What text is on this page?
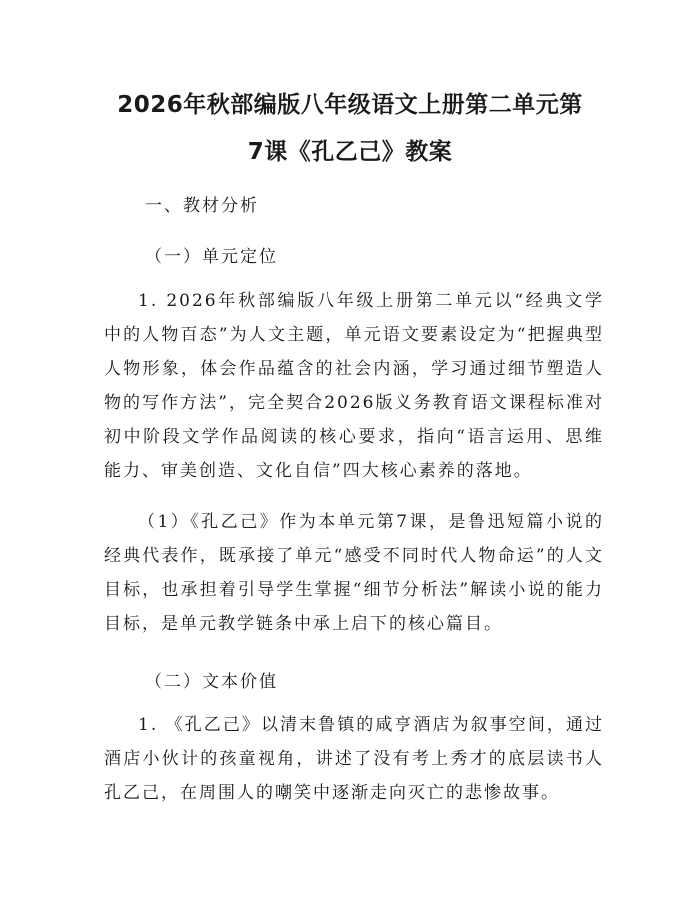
2026年秋部编版八年级语文上册第二单元第
7课《孔乙己》教案
一、教材分析
（一）单元定位
1. 2026年秋部编版八年级上册第二单元以“经典文学中的人物百态”为人文主题，单元语文要素设定为“把握典型人物形象，体会作品蕴含的社会内涵，学习通过细节塑造人物的写作方法”，完全契合2026版义务教育语文课程标准对初中阶段文学作品阅读的核心要求，指向“语言运用、思维能力、审美创造、文化自信”四大核心素养的落地。
（1）《孔乙己》作为本单元第7课，是鲁迅短篇小说的经典代表作，既承接了单元“感受不同时代人物命运”的人文目标，也承担着引导学生掌握“细节分析法”解读小说的能力目标，是单元教学链条中承上启下的核心篇目。
（二）文本价值
1. 《孔乙己》以清末鲁镇的咸亨酒店为叙事空间，通过酒店小伙计的孩童视角，讲述了没有考上秀才的底层读书人孔乙己，在周围人的嘲笑中逐渐走向灭亡的悲惨故事。
